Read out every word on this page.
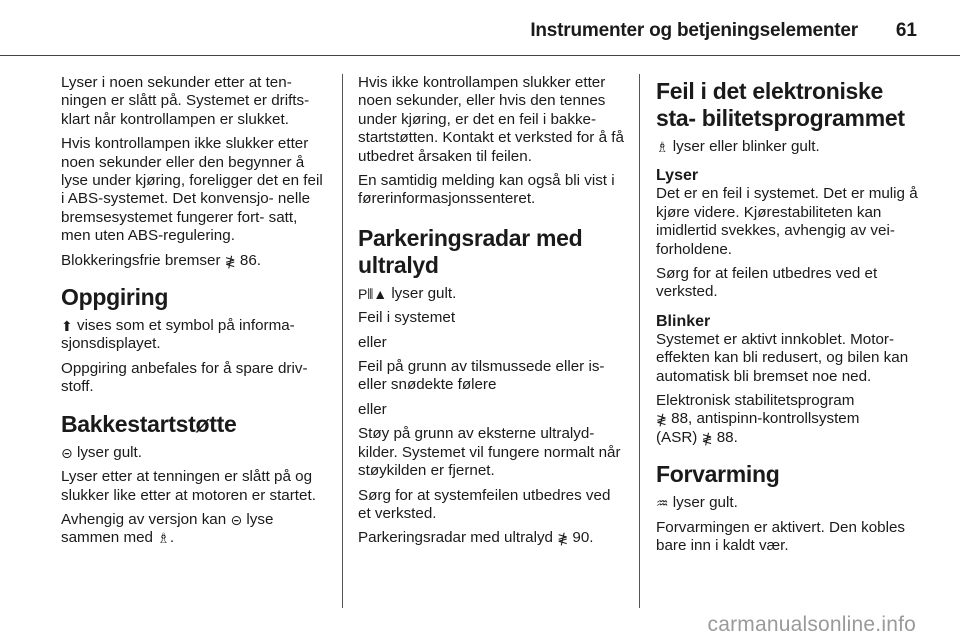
Instrumenter og betjeningselementer 61

Lyser i noen sekunder etter at ten- ningen er slått på. Systemet er drifts- klart når kontrollampen er slukket.

Hvis kontrollampen ikke slukker etter noen sekunder eller den begynner å lyse under kjøring, foreligger det en feil i ABS-systemet. Det konvensjo- nelle bremsesystemet fungerer fort- satt, men uten ABS-regulering.

Blokkeringsfrie bremser ≹ 86.

Oppgiring

⬆ vises som et symbol på informa- sjonsdisplayet.

Oppgiring anbefales for å spare driv- stoff.

Bakkestartstøtte

⊝ lyser gult.

Lyser etter at tenningen er slått på og slukker like etter at motoren er startet.

Avhengig av versjon kan ⊝ lyse sammen med ♗.

Hvis ikke kontrollampen slukker etter noen sekunder, eller hvis den tennes under kjøring, er det en feil i bakke- startstøtten. Kontakt et verksted for å få utbedret årsaken til feilen.

En samtidig melding kan også bli vist i førerinformasjonssenteret.

Parkeringsradar med ultralyd

P⫴▲ lyser gult.

Feil i systemet

eller

Feil på grunn av tilsmussede eller is- eller snødekte følere

eller

Støy på grunn av eksterne ultralyd- kilder. Systemet vil fungere normalt når støykilden er fjernet.

Sørg for at systemfeilen utbedres ved et verksted.

Parkeringsradar med ultralyd ≹ 90.

Feil i det elektroniske sta- bilitetsprogrammet

♗ lyser eller blinker gult.

Lyser

Det er en feil i systemet. Det er mulig å kjøre videre. Kjørestabiliteten kan imidlertid svekkes, avhengig av vei- forholdene.

Sørg for at feilen utbedres ved et verksted.

Blinker

Systemet er aktivt innkoblet. Motor- effekten kan bli redusert, og bilen kan automatisk bli bremset noe ned.

Elektronisk stabilitetsprogram
≹ 88, antispinn-kontrollsystem
(ASR) ≹ 88.

Forvarming

♒ lyser gult.

Forvarmingen er aktivert. Den kobles bare inn i kaldt vær.

carmanualsonline.info
